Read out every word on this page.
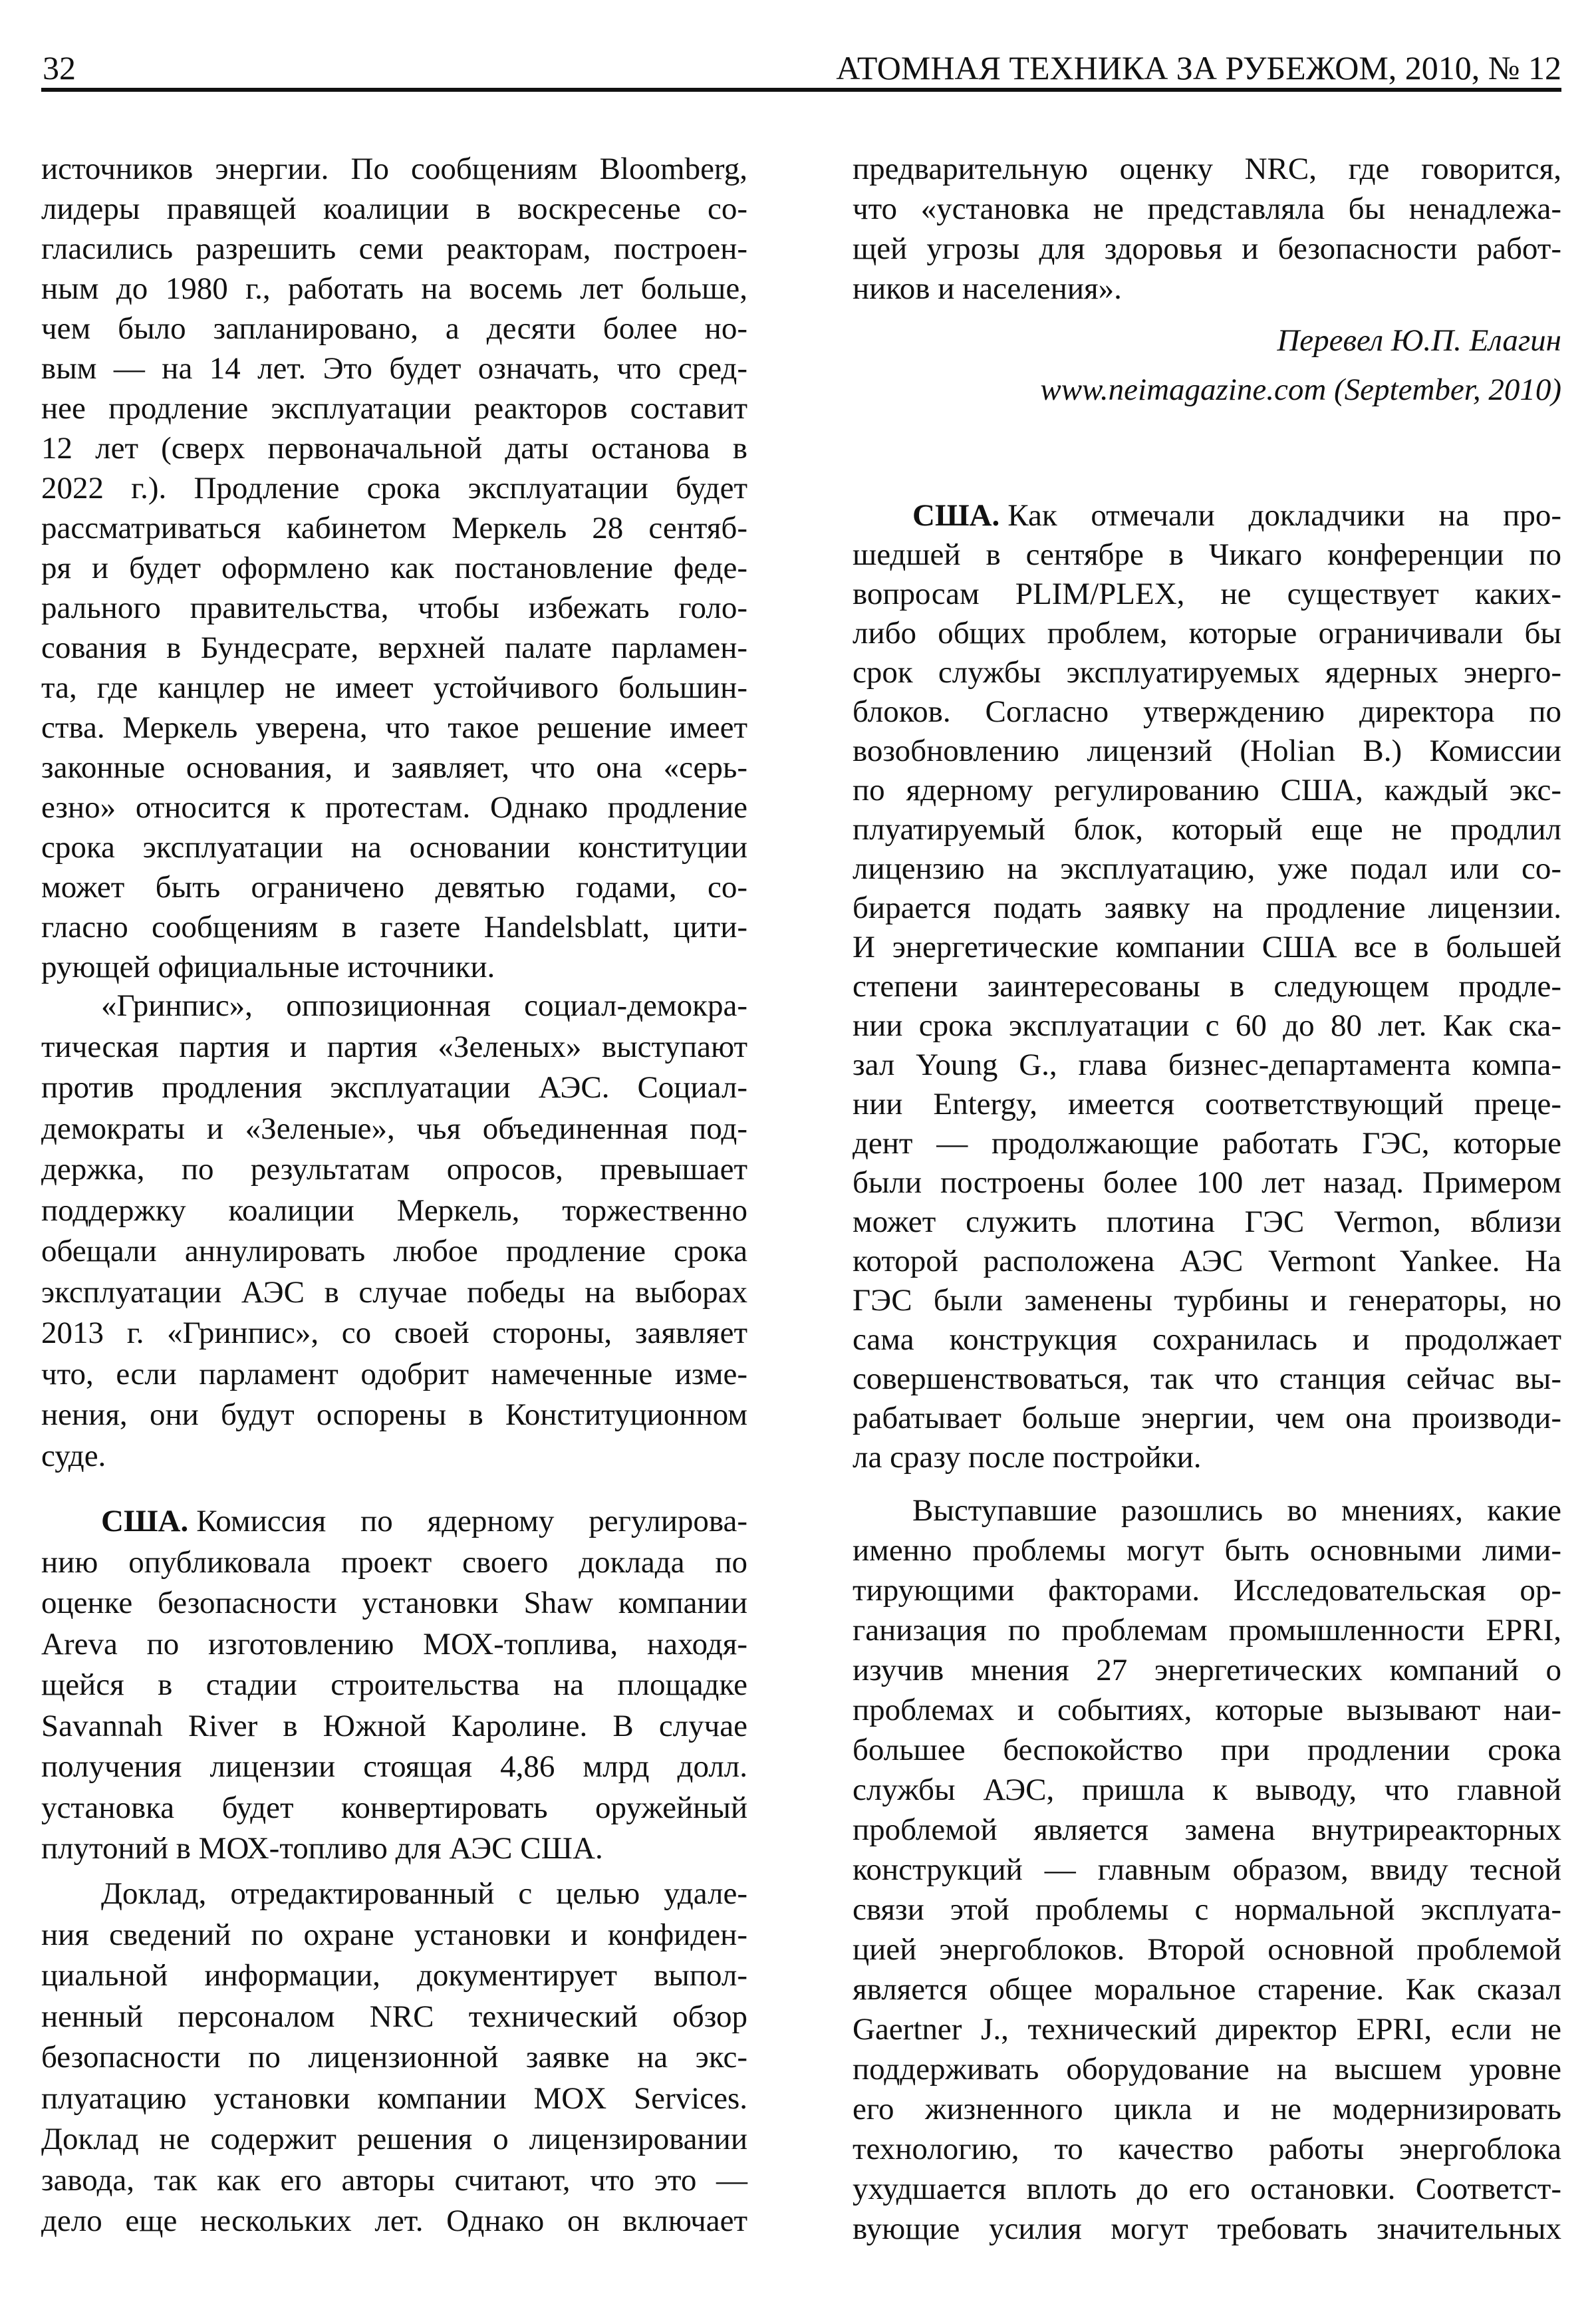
32	АТОМНАЯ ТЕХНИКА ЗА РУБЕЖОМ, 2010, № 12
источников энергии. По сообщениям Bloomberg,
лидеры правящей коалиции в воскресенье со-
гласились разрешить семи реакторам, построен-
ным до 1980 г., работать на восемь лет больше,
чем было запланировано, а десяти более но-
вым — на 14 лет. Это будет означать, что сред-
нее продление эксплуатации реакторов составит
12 лет (сверх первоначальной даты останова в
2022 г.). Продление срока эксплуатации будет
рассматриваться кабинетом Меркель 28 сентяб-
ря и будет оформлено как постановление феде-
рального правительства, чтобы избежать голо-
сования в Бундесрате, верхней палате парламен-
та, где канцлер не имеет устойчивого большин-
ства. Меркель уверена, что такое решение имеет
законные основания, и заявляет, что она «серь-
езно» относится к протестам. Однако продление
срока эксплуатации на основании конституции
может быть ограничено девятью годами, со-
гласно сообщениям в газете Handelsblatt, цити-
рующей официальные источники.
«Гринпис», оппозиционная социал-демокра-
тическая партия и партия «Зеленых» выступают
против продления эксплуатации АЭС. Социал-
демократы и «Зеленые», чья объединенная под-
держка, по результатам опросов, превышает
поддержку коалиции Меркель, торжественно
обещали аннулировать любое продление срока
эксплуатации АЭС в случае победы на выборах
2013 г. «Гринпис», со своей стороны, заявляет
что, если парламент одобрит намеченные изме-
нения, они будут оспорены в Конституционном
суде.
США. Комиссия по ядерному регулирова-
нию опубликовала проект своего доклада по
оценке безопасности установки Shaw компании
Areva по изготовлению МОХ-топлива, находя-
щейся в стадии строительства на площадке
Savannah River в Южной Каролине. В случае
получения лицензии стоящая 4,86 млрд долл.
установка будет конвертировать оружейный
плутоний в МОХ-топливо для АЭС США.
Доклад, отредактированный с целью удале-
ния сведений по охране установки и конфиден-
циальной информации, документирует выпол-
ненный персоналом NRC технический обзор
безопасности по лицензионной заявке на экс-
плуатацию установки компании MOX Services.
Доклад не содержит решения о лицензировании
завода, так как его авторы считают, что это —
дело еще нескольких лет. Однако он включает
Перевел Ю.П. Елагин
www.neimagazine.com (September, 2010)
предварительную оценку NRC, где говорится,
что «установка не представляла бы ненадлежа-
щей угрозы для здоровья и безопасности работ-
ников и населения».
США. Как отмечали докладчики на про-
шедшей в сентябре в Чикаго конференции по
вопросам PLIM/PLEX, не существует каких-
либо общих проблем, которые ограничивали бы
срок службы эксплуатируемых ядерных энерго-
блоков. Согласно утверждению директора по
возобновлению лицензий (Holian B.) Комиссии
по ядерному регулированию США, каждый экс-
плуатируемый блок, который еще не продлил
лицензию на эксплуатацию, уже подал или со-
бирается подать заявку на продление лицензии.
И энергетические компании США все в большей
степени заинтересованы в следующем продле-
нии срока эксплуатации с 60 до 80 лет. Как ска-
зал Young G., глава бизнес-департамента компа-
нии Entergy, имеется соответствующий преце-
дент — продолжающие работать ГЭС, которые
были построены более 100 лет назад. Примером
может служить плотина ГЭС Vermon, вблизи
которой расположена АЭС Vermont Yankee. На
ГЭС были заменены турбины и генераторы, но
сама конструкция сохранилась и продолжает
совершенствоваться, так что станция сейчас вы-
рабатывает больше энергии, чем она производи-
ла сразу после постройки.
Выступавшие разошлись во мнениях, какие
именно проблемы могут быть основными лими-
тирующими факторами. Исследовательская ор-
ганизация по проблемам промышленности EPRI,
изучив мнения 27 энергетических компаний о
проблемах и событиях, которые вызывают наи-
большее беспокойство при продлении срока
службы АЭС, пришла к выводу, что главной
проблемой является замена внутриреакторных
конструкций — главным образом, ввиду тесной
связи этой проблемы с нормальной эксплуата-
цией энергоблоков. Второй основной проблемой
является общее моральное старение. Как сказал
Gaertner J., технический директор EPRI, если не
поддерживать оборудование на высшем уровне
его жизненного цикла и не модернизировать
технологию, то качество работы энергоблока
ухудшается вплоть до его остановки. Соответст-
вующие усилия могут требовать значительных
